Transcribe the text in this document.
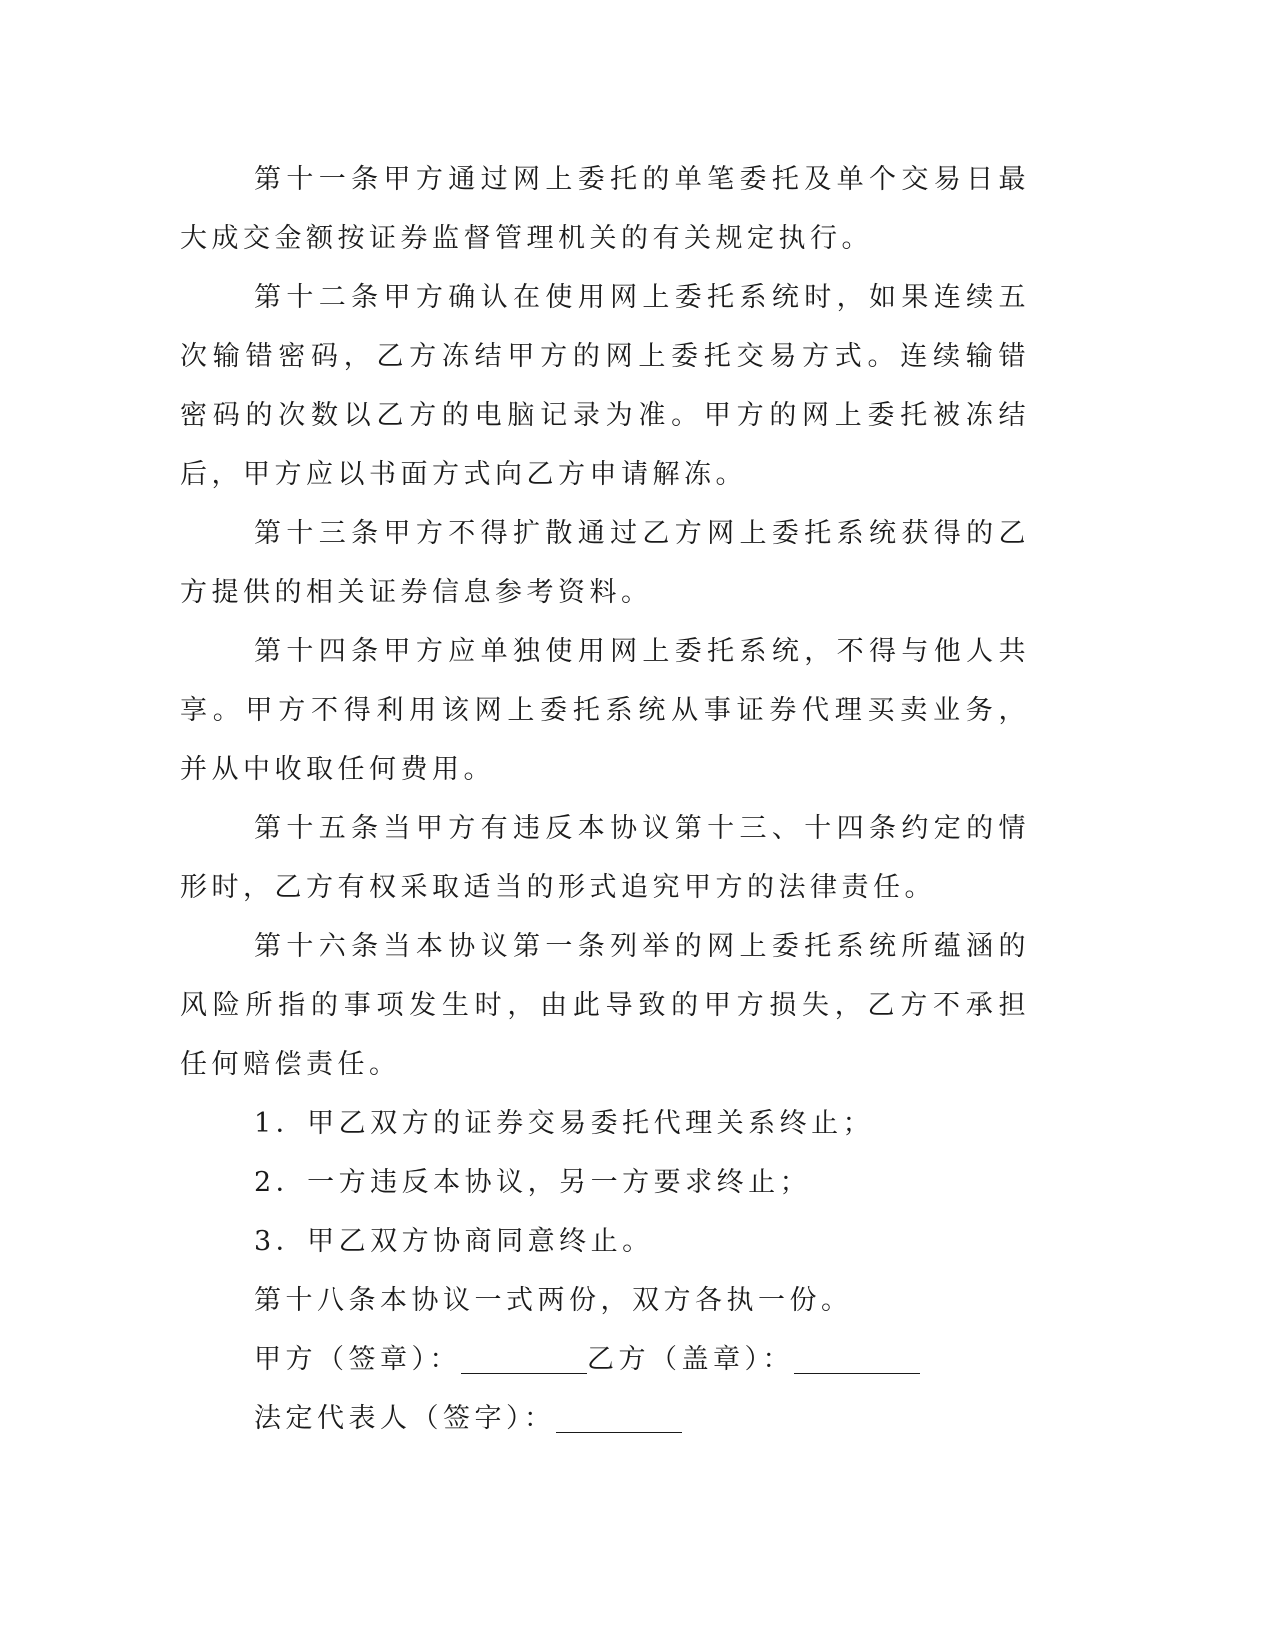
第十一条甲方通过网上委托的单笔委托及单个交易日最大成交金额按证券监督管理机关的有关规定执行。

第十二条甲方确认在使用网上委托系统时，如果连续五次输错密码，乙方冻结甲方的网上委托交易方式。连续输错密码的次数以乙方的电脑记录为准。甲方的网上委托被冻结后，甲方应以书面方式向乙方申请解冻。

第十三条甲方不得扩散通过乙方网上委托系统获得的乙方提供的相关证券信息参考资料。

第十四条甲方应单独使用网上委托系统，不得与他人共享。甲方不得利用该网上委托系统从事证券代理买卖业务，并从中收取任何费用。

第十五条当甲方有违反本协议第十三、十四条约定的情形时，乙方有权采取适当的形式追究甲方的法律责任。

第十六条当本协议第一条列举的网上委托系统所蕴涵的风险所指的事项发生时，由此导致的甲方损失，乙方不承担任何赔偿责任。

1．甲乙双方的证券交易委托代理关系终止；

2．一方违反本协议，另一方要求终止；

3．甲乙双方协商同意终止。

第十八条本协议一式两份，双方各执一份。

甲方（签章）：	乙方（盖章）：

法定代表人（签字）：
